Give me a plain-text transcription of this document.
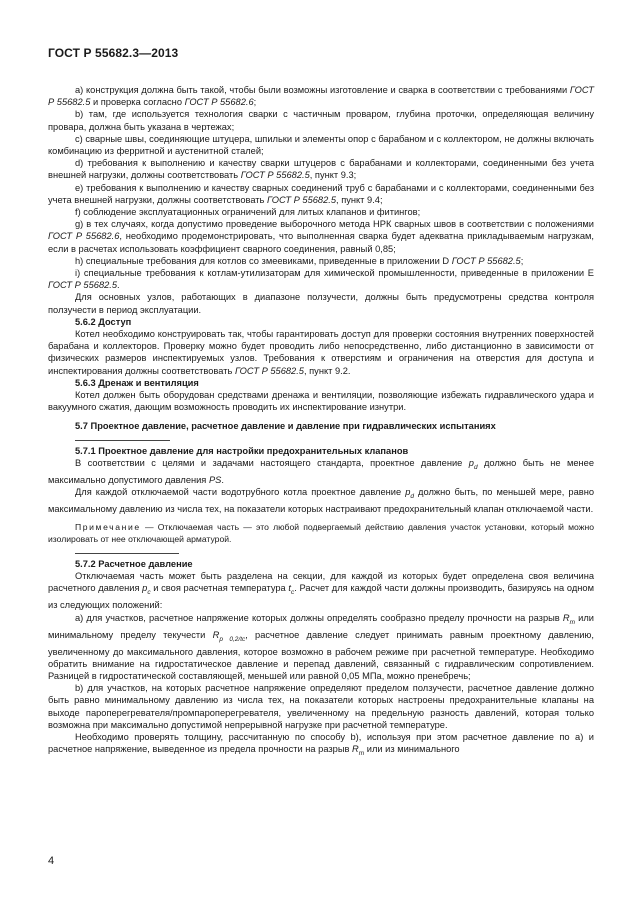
ГОСТ Р 55682.3—2013

а) конструкция должна быть такой, чтобы были возможны изготовление и сварка в соответствии с требованиями ГОСТ Р 55682.5 и проверка согласно ГОСТ Р 55682.6;

b) там, где используется технология сварки с частичным проваром, глубина проточки, определяющая величину провара, должна быть указана в чертежах;

c) сварные швы, соединяющие штуцера, шпильки и элементы опор с барабаном и с коллектором, не должны включать комбинацию из ферритной и аустенитной сталей;

d) требования к выполнению и качеству сварки штуцеров с барабанами и коллекторами, соединенными без учета внешней нагрузки, должны соответствовать ГОСТ Р 55682.5, пункт 9.3;

e) требования к выполнению и качеству сварных соединений труб с барабанами и с коллекторами, соединенными без учета внешней нагрузки, должны соответствовать ГОСТ Р 55682.5, пункт 9.4;

f) соблюдение эксплуатационных ограничений для литых клапанов и фитингов;

g) в тех случаях, когда допустимо проведение выборочного метода НРК сварных швов в соответствии с положениями ГОСТ Р 55682.6, необходимо продемонстрировать, что выполненная сварка будет адекватна прикладываемым нагрузкам, если в расчетах использовать коэффициент сварного соединения, равный 0,85;

h) специальные требования для котлов со змеевиками, приведенные в приложении D ГОСТ Р 55682.5;

i) специальные требования к котлам-утилизаторам для химической промышленности, приведенные в приложении Е ГОСТ Р 55682.5.

Для основных узлов, работающих в диапазоне ползучести, должны быть предусмотрены средства контроля ползучести в период эксплуатации.

5.6.2 Доступ

Котел необходимо конструировать так, чтобы гарантировать доступ для проверки состояния внутренних поверхностей барабана и коллекторов. Проверку можно будет проводить либо непосредственно, либо дистанционно в зависимости от физических размеров инспектируемых узлов. Требования к отверстиям и ограничения на отверстия для доступа и инспектирования должны соответствовать ГОСТ Р 55682.5, пункт 9.2.

5.6.3 Дренаж и вентиляция

Котел должен быть оборудован средствами дренажа и вентиляции, позволяющие избежать гидравлического удара и вакуумного сжатия, дающим возможность проводить их инспектирование изнутри.

5.7 Проектное давление, расчетное давление и давление при гидравлических испытаниях

5.7.1 Проектное давление для настройки предохранительных клапанов

В соответствии с целями и задачами настоящего стандарта, проектное давление $p_d$ должно быть не менее максимально допустимого давления PS.

Для каждой отключаемой части водотрубного котла проектное давление $p_d$ должно быть, по меньшей мере, равно максимальному давлению из числа тех, на показатели которых настраивают предохранительный клапан отключаемой части.

Примечание — Отключаемая часть — это любой подвергаемый действию давления участок установки, который можно изолировать от нее отключающей арматурой.

5.7.2 Расчетное давление

Отключаемая часть может быть разделена на секции, для каждой из которых будет определена своя величина расчетного давления $p_c$ и своя расчетная температура $t_c$. Расчет для каждой части должны производить, базируясь на одном из следующих положений:

а) для участков, расчетное напряжение которых должны определять сообразно пределу прочности на разрыв $R_m$ или минимальному пределу текучести $R_{p 0,2/tc}$, расчетное давление следует принимать равным проектному давлению, увеличенному до максимального давления, которое возможно в рабочем режиме при расчетной температуре. Необходимо обратить внимание на гидростатическое давление и перепад давлений, связанный с гидравлическим сопротивлением. Разницей в гидростатической составляющей, меньшей или равной 0,05 МПа, можно пренебречь;

b) для участков, на которых расчетное напряжение определяют пределом ползучести, расчетное давление должно быть равно минимальному давлению из числа тех, на показатели которых настроены предохранительные клапаны на выходе пароперегревателя/промпароперегревателя, увеличенному на предельную разность давлений, которая только возможна при максимально допустимой непрерывной нагрузке при расчетной температуре.

Необходимо проверять толщину, рассчитанную по способу b), используя при этом расчетное давление по а) и расчетное напряжение, выведенное из предела прочности на разрыв $R_m$ или из минимального

4
